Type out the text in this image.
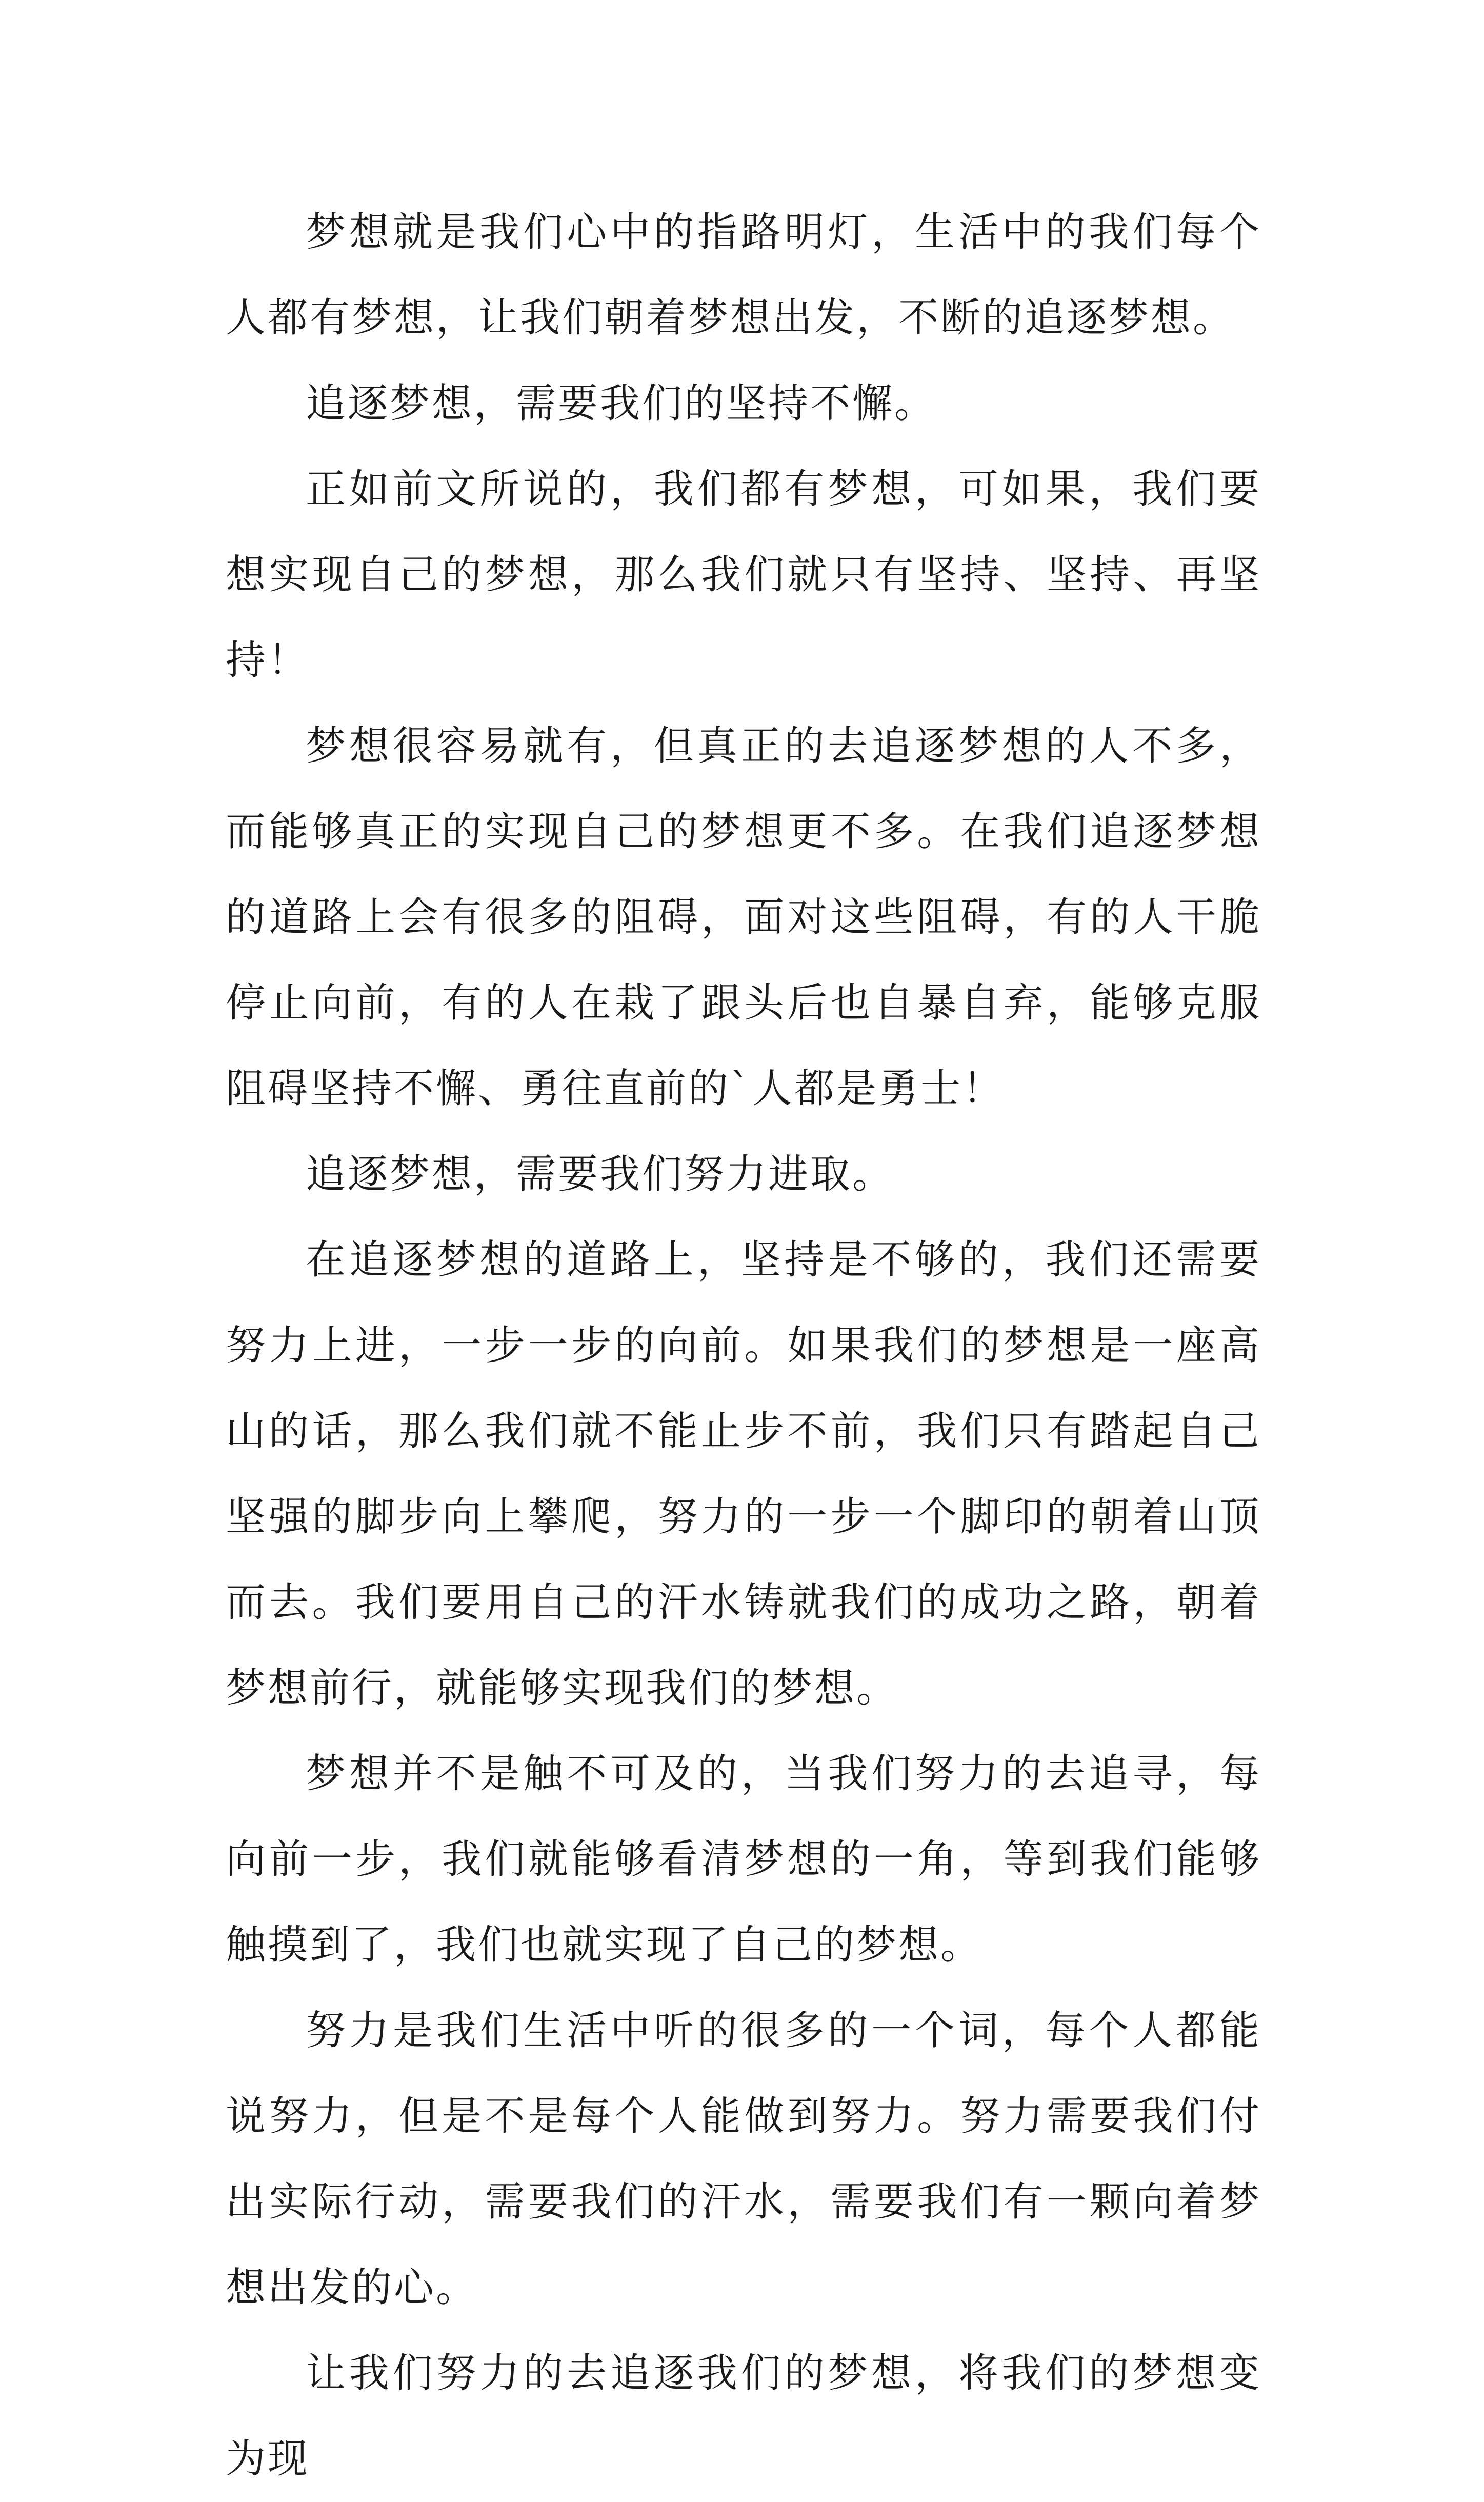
梦想就是我们心中的指路明灯，生活中的我们每个人都有梦想，让我们朝着梦想出发，不断的追逐梦想。

追逐梦想，需要我们的坚持不懈。

正如前文所说的，我们都有梦想，可如果，我们要想实现自己的梦想，那么我们就只有坚持、坚持、再坚持！

梦想很容易就有，但真正的去追逐梦想的人不多，而能够真正的实现自己的梦想更不多。在我们追逐梦想的道路上会有很多的阻碍，面对这些阻碍，有的人干脆停止向前，有的人在栽了跟头后也自暴自弃，能够克服阻碍坚持不懈、勇往直前的`人都是勇士！

追逐梦想，需要我们努力进取。

在追逐梦想的道路上，坚持是不够的，我们还需要努力上进，一步一步的向前。如果我们的梦想是一座高山的话，那么我们就不能止步不前，我们只有踏起自己坚强的脚步向上攀爬，努力的一步一个脚印的朝着山顶而去。我们要用自己的汗水铸就我们的成功之路，朝着梦想前行，就能够实现我们的梦想。

梦想并不是触不可及的，当我们努力的去追寻，每向前一步，我们就能够看清梦想的一角，等到我们能够触摸到了，我们也就实现了自己的梦想。

努力是我们生活中听的很多的一个词，每个人都能说努力，但是不是每个人能做到努力。努力需要我们付出实际行动，需要我们的汗水，需要我们有一颗向着梦想出发的心。

让我们努力的去追逐我们的梦想，将我们的梦想变为现
